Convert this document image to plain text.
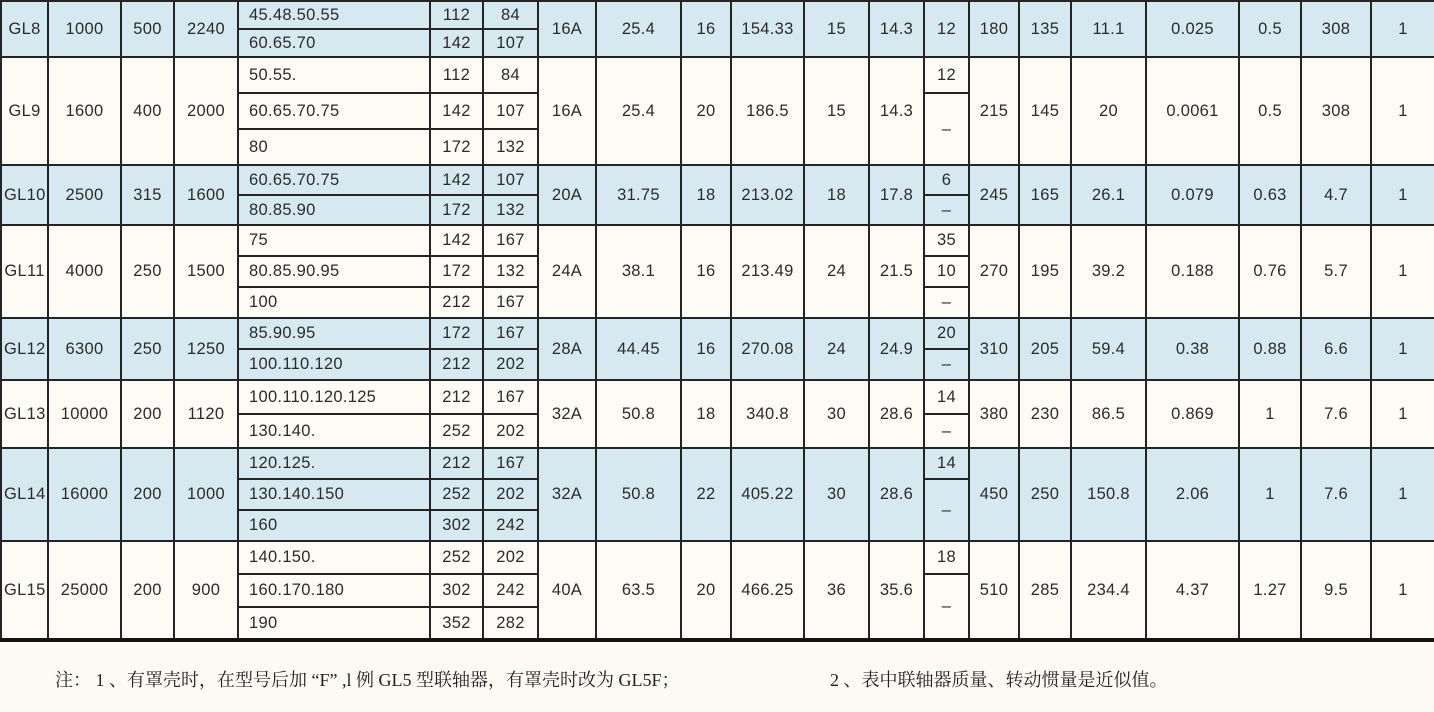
GL8	1000	500	2240	45.48.50.55	112	84	16A	25.4	16	154.33	15	14.3	12	180	135	11.1	0.025	0.5	308	1
				60.65.70	142	107														
GL9	1600	400	2000	50.55.	112	84	16A	25.4	20	186.5	15	14.3	12	215	145	20	0.0061	0.5	308	1
				60.65.70.75	142	107							–							
				80	172	132														
GL10	2500	315	1600	60.65.70.75	142	107	20A	31.75	18	213.02	18	17.8	6	245	165	26.1	0.079	0.63	4.7	1
				80.85.90	172	132							–							
GL11	4000	250	1500	75	142	167	24A	38.1	16	213.49	24	21.5	35	270	195	39.2	0.188	0.76	5.7	1
				80.85.90.95	172	132							10							
				100	212	167							–							
GL12	6300	250	1250	85.90.95	172	167	28A	44.45	16	270.08	24	24.9	20	310	205	59.4	0.38	0.88	6.6	1
				100.110.120	212	202							–							
GL13	10000	200	1120	100.110.120.125	212	167	32A	50.8	18	340.8	30	28.6	14	380	230	86.5	0.869	1	7.6	1
				130.140.	252	202							–							
GL14	16000	200	1000	120.125.	212	167	32A	50.8	22	405.22	30	28.6	14	450	250	150.8	2.06	1	7.6	1
				130.140.150	252	202							–							
				160	302	242														
GL15	25000	200	900	140.150.	252	202	40A	63.5	20	466.25	36	35.6	18	510	285	234.4	4.37	1.27	9.5	1
				160.170.180	302	242							–							
				190	352	282														
注： 1 、有罩壳时，在型号后加 “F” ,l 例 GL5 型联轴器，有罩壳时改为 GL5F；	2 、表中联轴器质量、转动惯量是近似值。
